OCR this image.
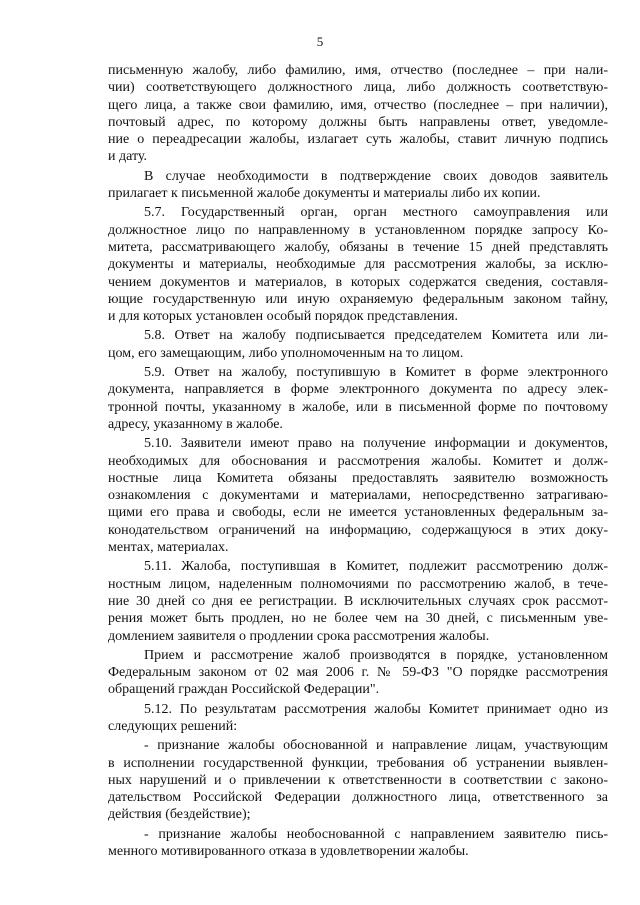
5

письменную жалобу, либо фамилию, имя, отчество (последнее – при нали-
чии) соответствующего должностного лица, либо должность соответствую-
щего лица, а также свои фамилию, имя, отчество (последнее – при наличии),
почтовый адрес, по которому должны быть направлены ответ, уведомле-
ние о переадресации жалобы, излагает суть жалобы, ставит личную подпись
и дату.

В случае необходимости в подтверждение своих доводов заявитель
прилагает к письменной жалобе документы и материалы либо их копии.

5.7. Государственный орган, орган местного самоуправления или
должностное лицо по направленному в установленном порядке запросу Ко-
митета, рассматривающего жалобу, обязаны в течение 15 дней представлять
документы и материалы, необходимые для рассмотрения жалобы, за исклю-
чением документов и материалов, в которых содержатся сведения, составля-
ющие государственную или иную охраняемую федеральным законом тайну,
и для которых установлен особый порядок представления.

5.8. Ответ на жалобу подписывается председателем Комитета или ли-
цом, его замещающим, либо уполномоченным на то лицом.

5.9. Ответ на жалобу, поступившую в Комитет в форме электронного
документа, направляется в форме электронного документа по адресу элек-
тронной почты, указанному в жалобе, или в письменной форме по почтовому
адресу, указанному в жалобе.

5.10. Заявители имеют право на получение информации и документов,
необходимых для обоснования и рассмотрения жалобы. Комитет и долж-
ностные лица Комитета обязаны предоставлять заявителю возможность
ознакомления с документами и материалами, непосредственно затрагиваю-
щими его права и свободы, если не имеется установленных федеральным за-
конодательством ограничений на информацию, содержащуюся в этих доку-
ментах, материалах.

5.11. Жалоба, поступившая в Комитет, подлежит рассмотрению долж-
ностным лицом, наделенным полномочиями по рассмотрению жалоб, в тече-
ние 30 дней со дня ее регистрации. В исключительных случаях срок рассмот-
рения может быть продлен, но не более чем на 30 дней, с письменным уве-
домлением заявителя о продлении срока рассмотрения жалобы.

Прием и рассмотрение жалоб производятся в порядке, установленном
Федеральным законом от 02 мая 2006 г. № 59-ФЗ "О порядке рассмотрения
обращений граждан Российской Федерации".

5.12. По результатам рассмотрения жалобы Комитет принимает одно из
следующих решений:

- признание жалобы обоснованной и направление лицам, участвующим
в исполнении государственной функции, требования об устранении выявлен-
ных нарушений и о привлечении к ответственности в соответствии с законо-
дательством Российской Федерации должностного лица, ответственного за
действия (бездействие);

- признание жалобы необоснованной с направлением заявителю пись-
менного мотивированного отказа в удовлетворении жалобы.
